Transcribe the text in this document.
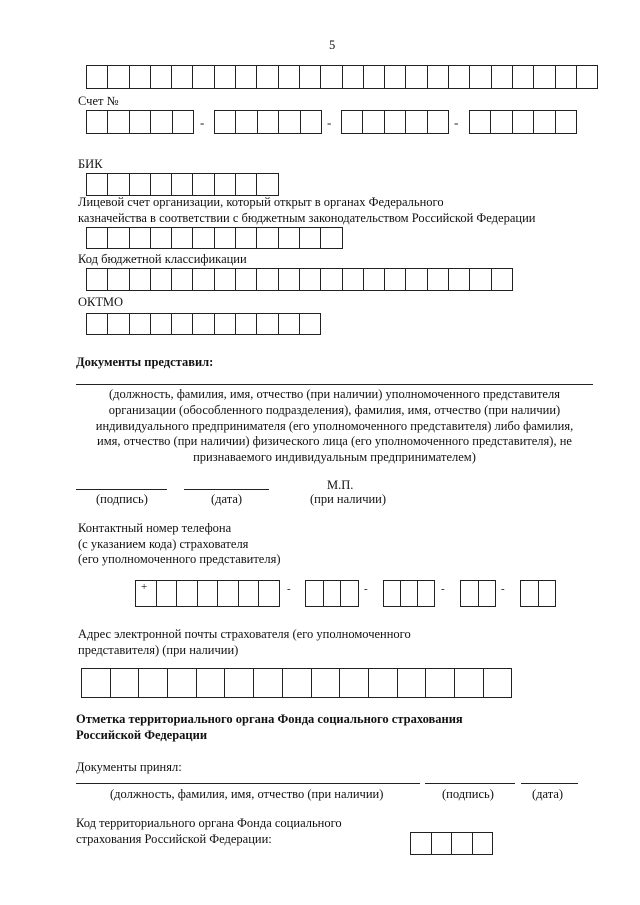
5
Счет №
-	-	-
БИК
Лицевой счет организации, который открыт в органах Федерального
казначейства в соответствии с бюджетным законодательством Российской Федерации
Код бюджетной классификации
ОКТМО
Документы представил:
(должность, фамилия, имя, отчество (при наличии) уполномоченного представителя
организации (обособленного подразделения), фамилия, имя, отчество (при наличии)
индивидуального предпринимателя (его уполномоченного представителя) либо фамилия,
имя, отчество (при наличии) физического лица (его уполномоченного представителя), не
признаваемого индивидуальным предпринимателем)
М.П.
(подпись)	(дата)	(при наличии)
Контактный номер телефона
(с указанием кода) страхователя
(его уполномоченного представителя)
+	-	-	-	-
Адрес электронной почты страхователя (его уполномоченного
представителя) (при наличии)
Отметка территориального органа Фонда социального страхования
Российской Федерации
Документы принял:
(должность, фамилия, имя, отчество (при наличии)	(подпись)	(дата)
Код территориального органа Фонда социального
страхования Российской Федерации:
